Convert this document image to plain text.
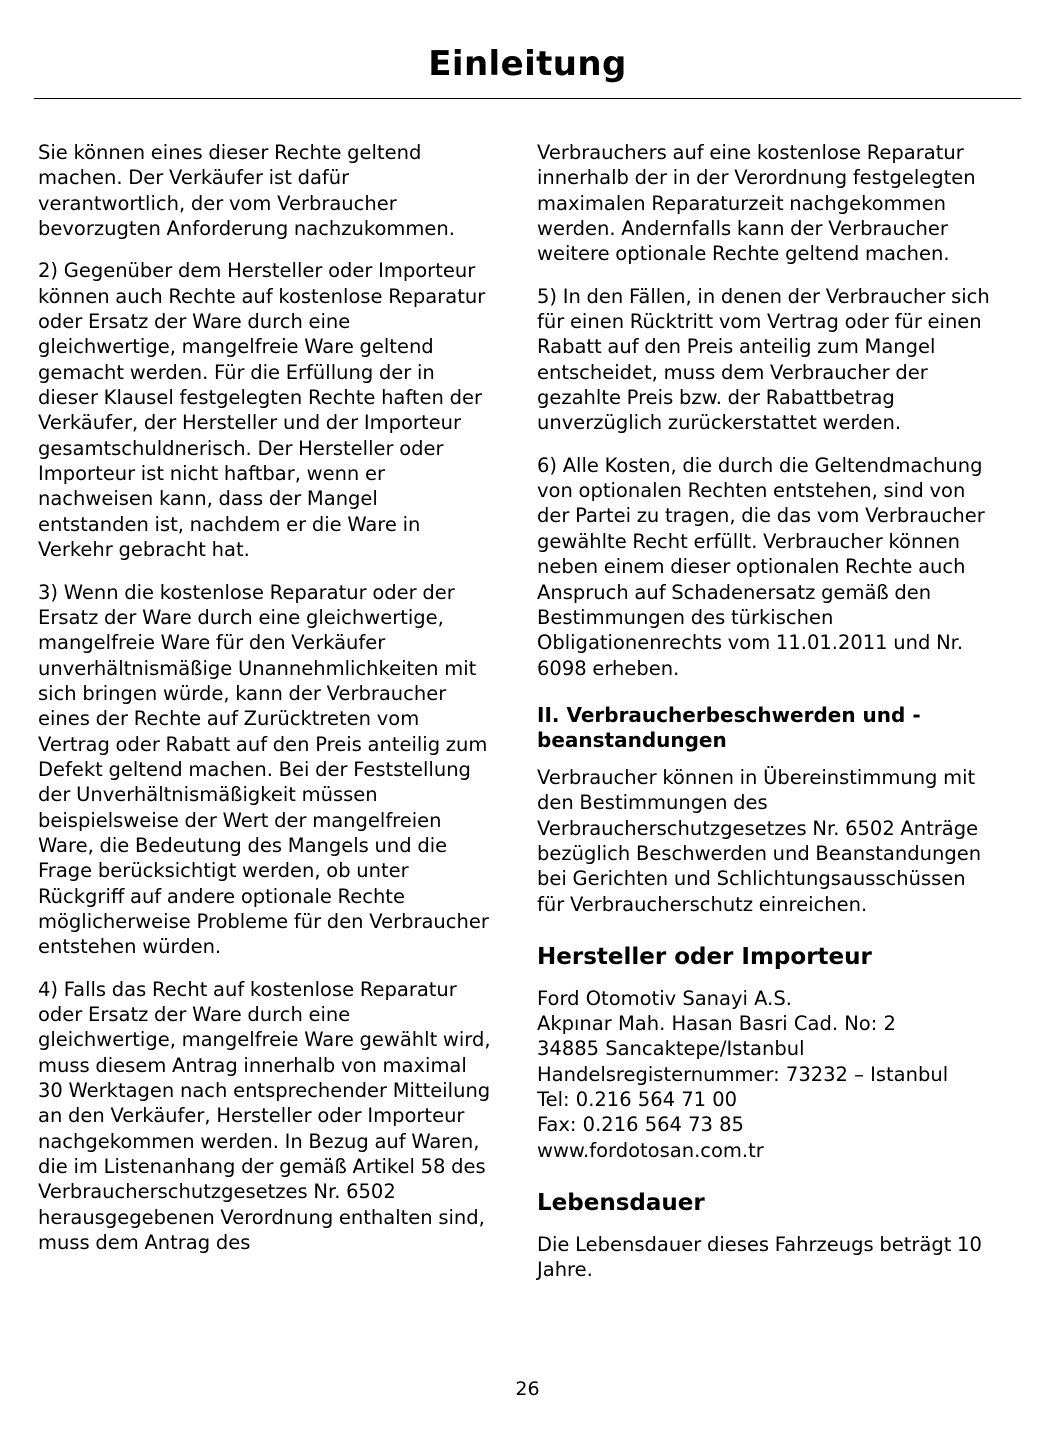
Einleitung

Sie können eines dieser Rechte geltend machen. Der Verkäufer ist dafür verantwortlich, der vom Verbraucher bevorzugten Anforderung nachzukommen.

2) Gegenüber dem Hersteller oder Importeur können auch Rechte auf kostenlose Reparatur oder Ersatz der Ware durch eine gleichwertige, mangelfreie Ware geltend gemacht werden. Für die Erfüllung der in dieser Klausel festgelegten Rechte haften der Verkäufer, der Hersteller und der Importeur gesamtschuldnerisch. Der Hersteller oder Importeur ist nicht haftbar, wenn er nachweisen kann, dass der Mangel entstanden ist, nachdem er die Ware in Verkehr gebracht hat.

3) Wenn die kostenlose Reparatur oder der Ersatz der Ware durch eine gleichwertige, mangelfreie Ware für den Verkäufer unverhältnismäßige Unannehmlichkeiten mit sich bringen würde, kann der Verbraucher eines der Rechte auf Zurücktreten vom Vertrag oder Rabatt auf den Preis anteilig zum Defekt geltend machen. Bei der Feststellung der Unverhältnismäßigkeit müssen beispielsweise der Wert der mangelfreien Ware, die Bedeutung des Mangels und die Frage berücksichtigt werden, ob unter Rückgriff auf andere optionale Rechte möglicherweise Probleme für den Verbraucher entstehen würden.

4) Falls das Recht auf kostenlose Reparatur oder Ersatz der Ware durch eine gleichwertige, mangelfreie Ware gewählt wird, muss diesem Antrag innerhalb von maximal 30 Werktagen nach entsprechender Mitteilung an den Verkäufer, Hersteller oder Importeur nachgekommen werden. In Bezug auf Waren, die im Listenanhang der gemäß Artikel 58 des Verbraucherschutzgesetzes Nr. 6502 herausgegebenen Verordnung enthalten sind, muss dem Antrag des

Verbrauchers auf eine kostenlose Reparatur innerhalb der in der Verordnung festgelegten maximalen Reparaturzeit nachgekommen werden. Andernfalls kann der Verbraucher weitere optionale Rechte geltend machen.

5) In den Fällen, in denen der Verbraucher sich für einen Rücktritt vom Vertrag oder für einen Rabatt auf den Preis anteilig zum Mangel entscheidet, muss dem Verbraucher der gezahlte Preis bzw. der Rabattbetrag unverzüglich zurückerstattet werden.

6) Alle Kosten, die durch die Geltendmachung von optionalen Rechten entstehen, sind von der Partei zu tragen, die das vom Verbraucher gewählte Recht erfüllt. Verbraucher können neben einem dieser optionalen Rechte auch Anspruch auf Schadenersatz gemäß den Bestimmungen des türkischen Obligationenrechts vom 11.01.2011 und Nr. 6098 erheben.

II. Verbraucherbeschwerden und -beanstandungen

Verbraucher können in Übereinstimmung mit den Bestimmungen des Verbraucherschutzgesetzes Nr. 6502 Anträge bezüglich Beschwerden und Beanstandungen bei Gerichten und Schlichtungsausschüssen für Verbraucherschutz einreichen.

Hersteller oder Importeur
Ford Otomotiv Sanayi A.S.
Akpınar Mah. Hasan Basri Cad. No: 2
34885 Sancaktepe/Istanbul
Handelsregisternummer: 73232 – Istanbul
Tel: 0.216 564 71 00
Fax: 0.216 564 73 85
www.fordotosan.com.tr
Lebensdauer

Die Lebensdauer dieses Fahrzeugs beträgt 10 Jahre.

26
